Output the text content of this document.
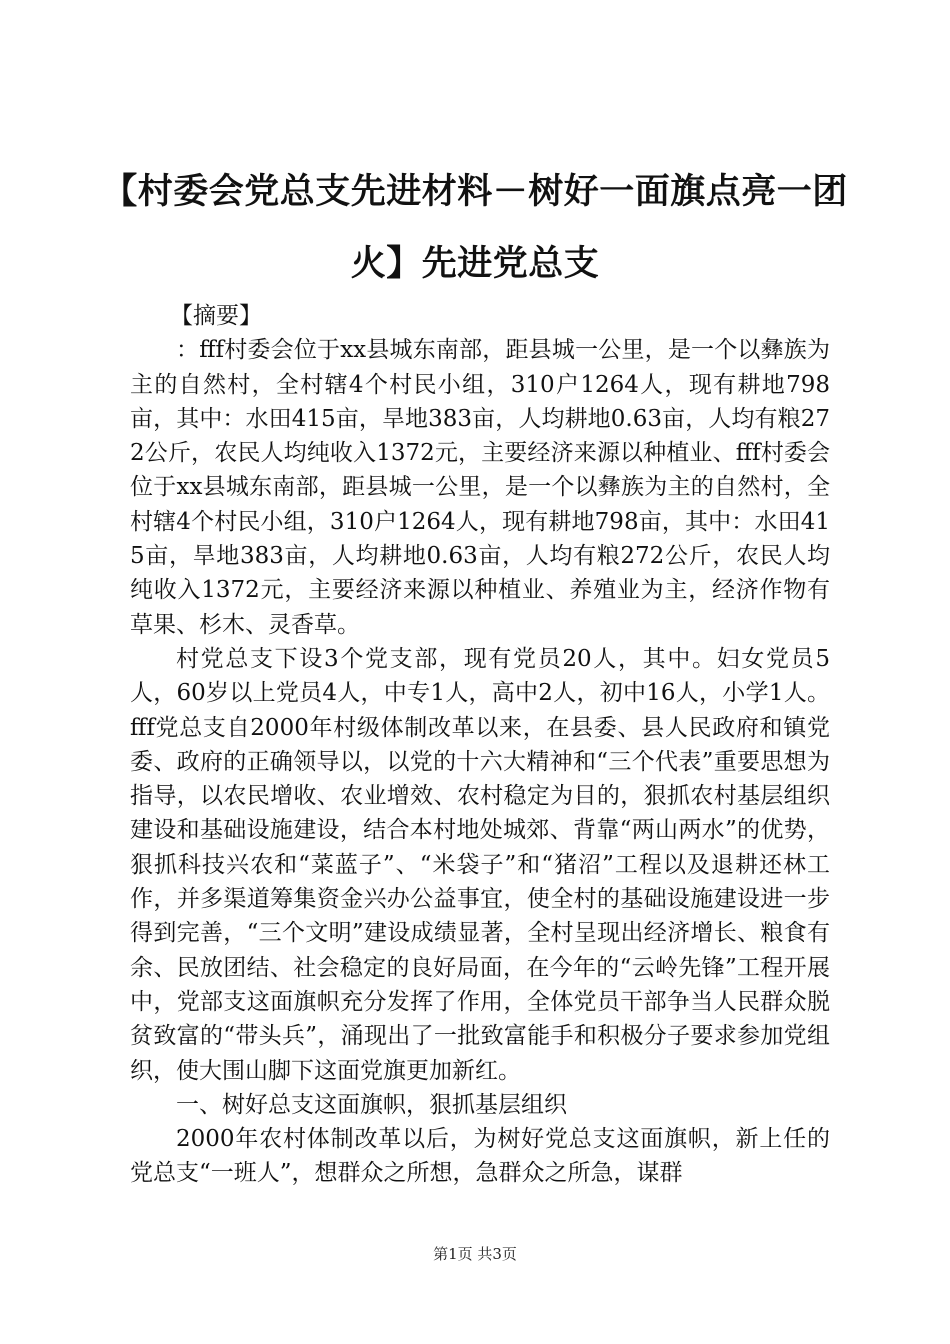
【村委会党总支先进材料－树好一面旗点亮一团火】先进党总支

【摘要】

：fff村委会位于xx县城东南部，距县城一公里，是一个以彝族为主的自然村，全村辖4个村民小组，310户1264人，现有耕地798亩，其中：水田415亩，旱地383亩，人均耕地0.63亩，人均有粮272公斤，农民人均纯收入1372元，主要经济来源以种植业、fff村委会位于xx县城东南部，距县城一公里，是一个以彝族为主的自然村，全村辖4个村民小组，310户1264人，现有耕地798亩，其中：水田415亩，旱地383亩，人均耕地0.63亩，人均有粮272公斤，农民人均纯收入1372元，主要经济来源以种植业、养殖业为主，经济作物有草果、杉木、灵香草。

村党总支下设3个党支部，现有党员20人，其中。妇女党员5人，60岁以上党员4人，中专1人，高中2人，初中16人，小学1人。fff党总支自2000年村级体制改革以来，在县委、县人民政府和镇党委、政府的正确领导以，以党的十六大精神和“三个代表”重要思想为指导，以农民增收、农业增效、农村稳定为目的，狠抓农村基层组织建设和基础设施建设，结合本村地处城郊、背靠“两山两水”的优势，狠抓科技兴农和“菜蓝子”、“米袋子”和“猪沼”工程以及退耕还林工作，并多渠道筹集资金兴办公益事宜，使全村的基础设施建设进一步得到完善，“三个文明”建设成绩显著，全村呈现出经济增长、粮食有余、民放团结、社会稳定的良好局面，在今年的“云岭先锋”工程开展中，党部支这面旗帜充分发挥了作用，全体党员干部争当人民群众脱贫致富的“带头兵”，涌现出了一批致富能手和积极分子要求参加党组织，使大围山脚下这面党旗更加新红。

一、树好总支这面旗帜，狠抓基层组织

2000年农村体制改革以后，为树好党总支这面旗帜，新上任的党总支“一班人”，想群众之所想，急群众之所急，谋群

第1页 共3页
